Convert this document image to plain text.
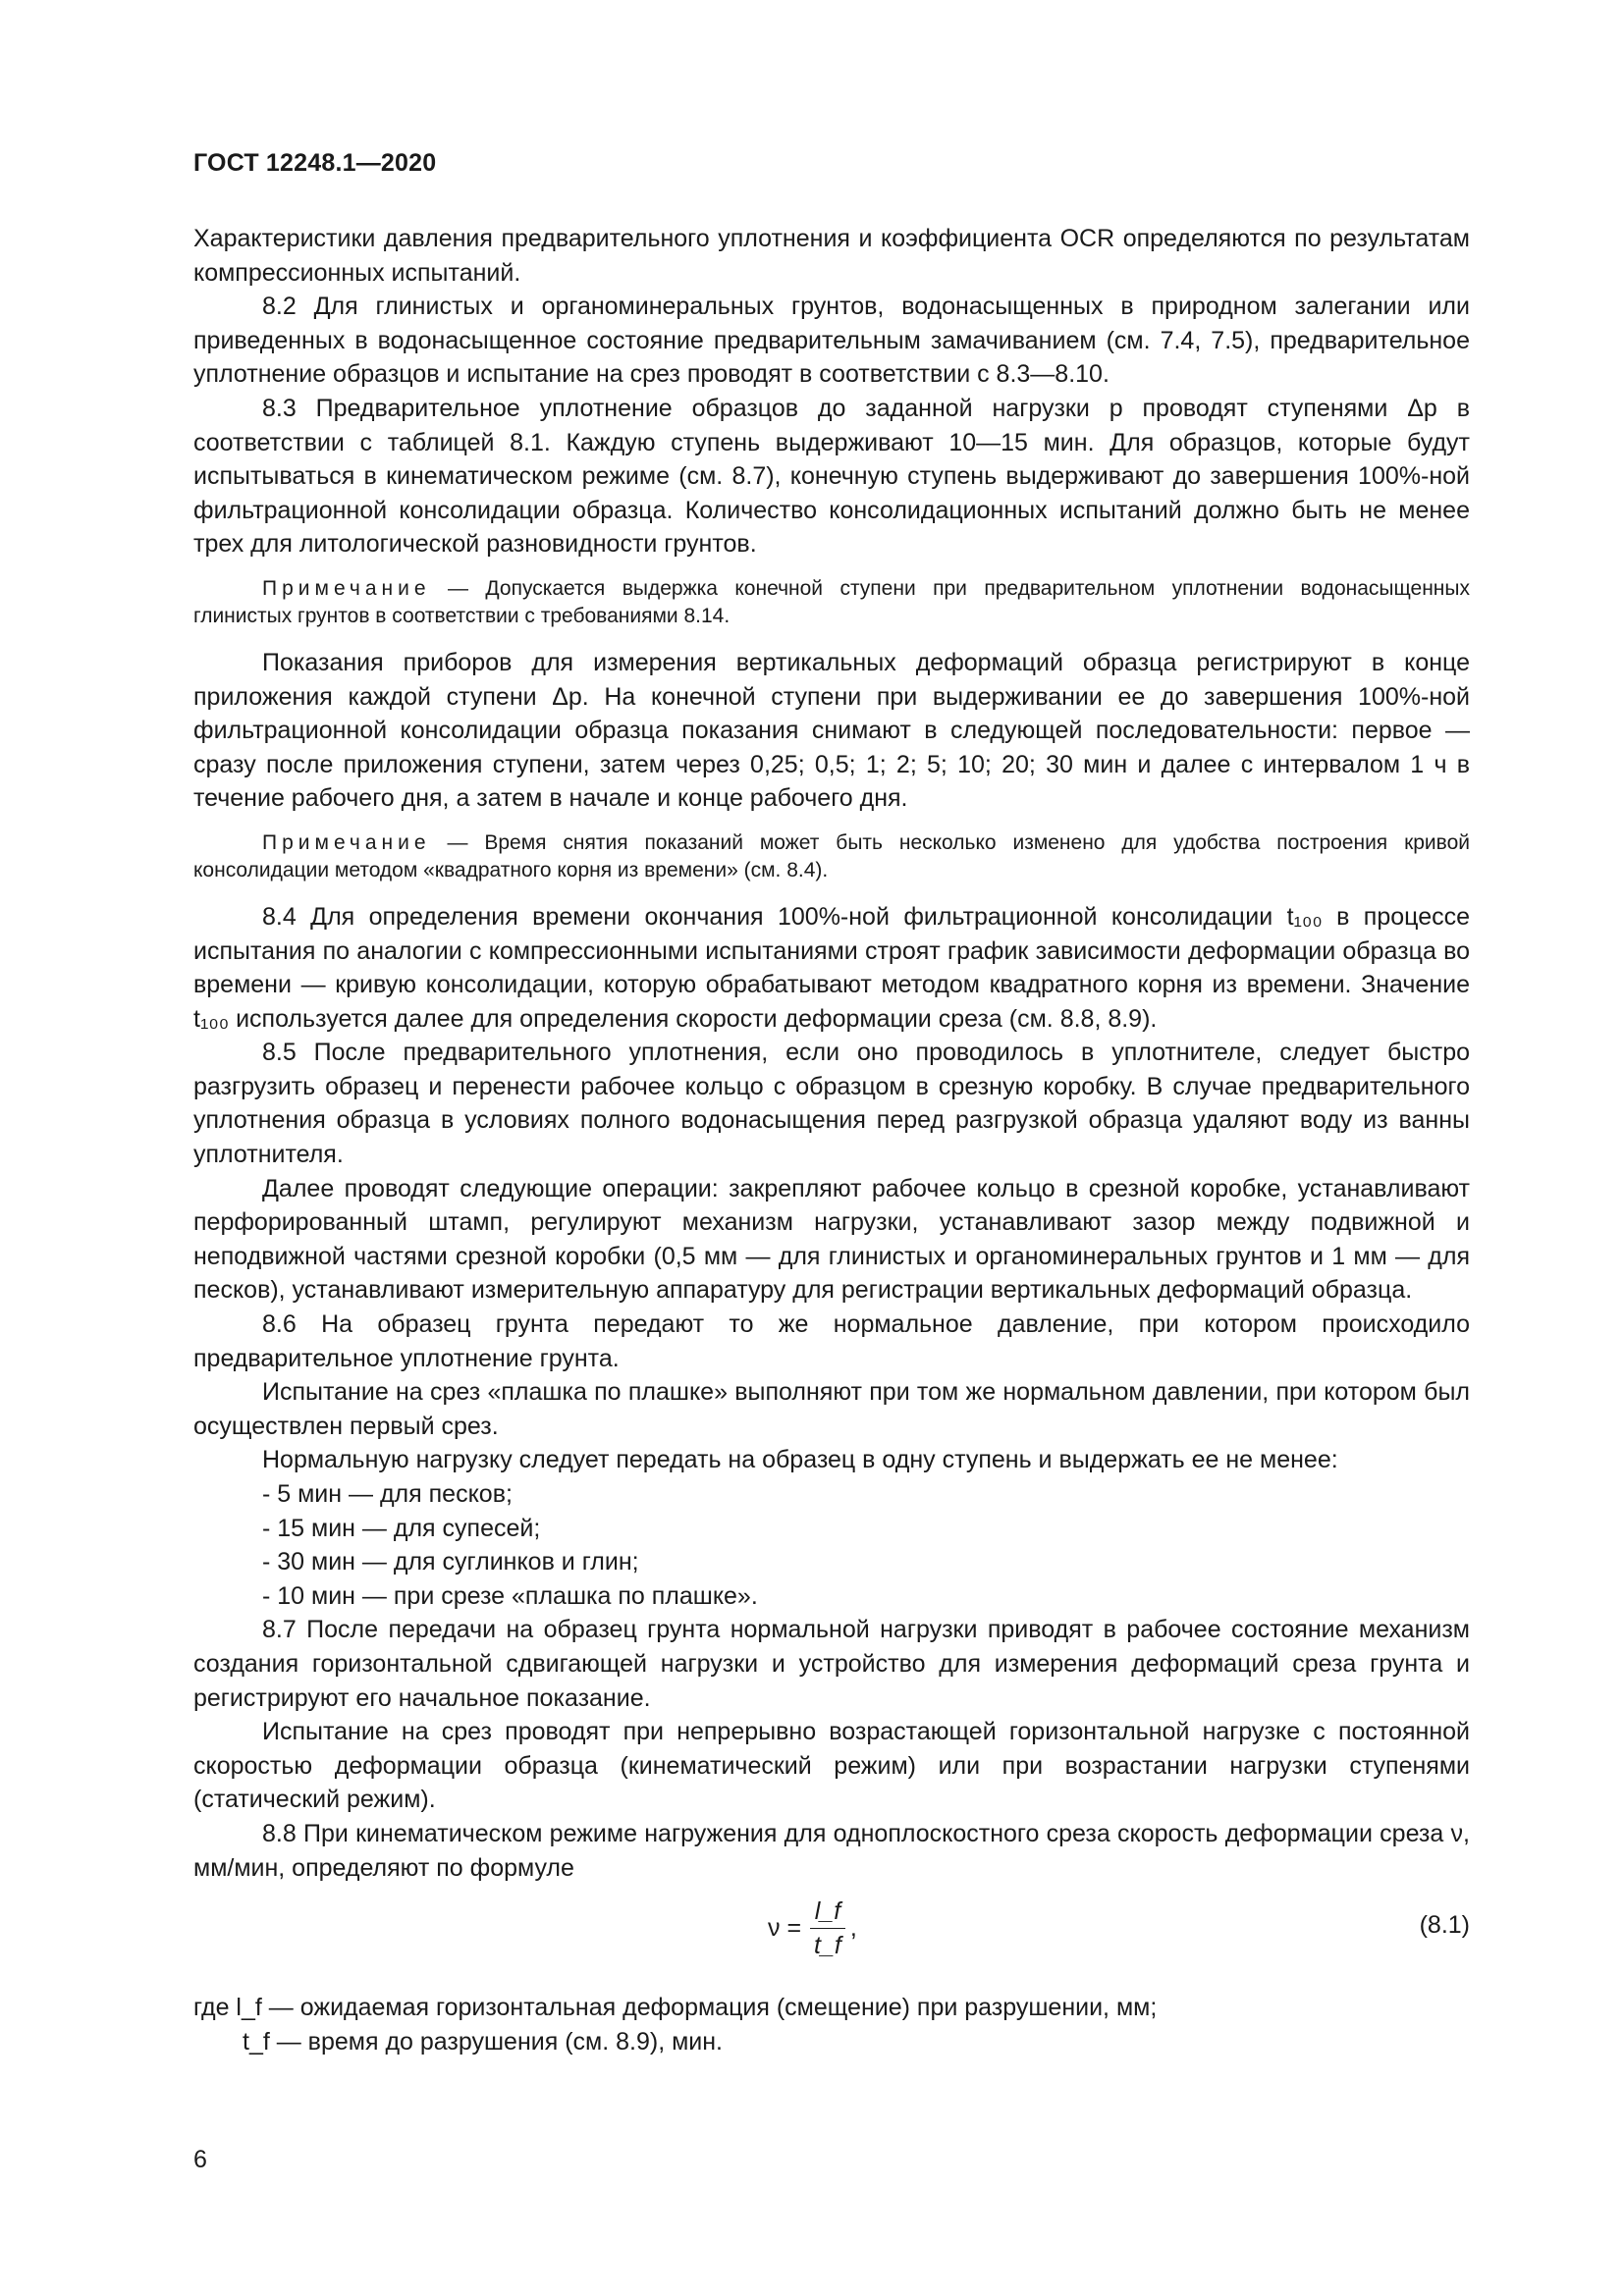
ГОСТ 12248.1—2020

Характеристики давления предварительного уплотнения и коэффициента OCR определяются по результатам компрессионных испытаний.

8.2 Для глинистых и органоминеральных грунтов, водонасыщенных в природном залегании или приведенных в водонасыщенное состояние предварительным замачиванием (см. 7.4, 7.5), предварительное уплотнение образцов и испытание на срез проводят в соответствии с 8.3—8.10.

8.3 Предварительное уплотнение образцов до заданной нагрузки p проводят ступенями Δp в соответствии с таблицей 8.1. Каждую ступень выдерживают 10—15 мин. Для образцов, которые будут испытываться в кинематическом режиме (см. 8.7), конечную ступень выдерживают до завершения 100%-ной фильтрационной консолидации образца. Количество консолидационных испытаний должно быть не менее трех для литологической разновидности грунтов.

Примечание — Допускается выдержка конечной ступени при предварительном уплотнении водонасыщенных глинистых грунтов в соответствии с требованиями 8.14.

Показания приборов для измерения вертикальных деформаций образца регистрируют в конце приложения каждой ступени Δp. На конечной ступени при выдерживании ее до завершения 100%-ной фильтрационной консолидации образца показания снимают в следующей последовательности: первое — сразу после приложения ступени, затем через 0,25; 0,5; 1; 2; 5; 10; 20; 30 мин и далее с интервалом 1 ч в течение рабочего дня, а затем в начале и конце рабочего дня.

Примечание — Время снятия показаний может быть несколько изменено для удобства построения кривой консолидации методом «квадратного корня из времени» (см. 8.4).

8.4 Для определения времени окончания 100%-ной фильтрационной консолидации t₁₀₀ в процессе испытания по аналогии с компрессионными испытаниями строят график зависимости деформации образца во времени — кривую консолидации, которую обрабатывают методом квадратного корня из времени. Значение t₁₀₀ используется далее для определения скорости деформации среза (см. 8.8, 8.9).

8.5 После предварительного уплотнения, если оно проводилось в уплотнителе, следует быстро разгрузить образец и перенести рабочее кольцо с образцом в срезную коробку. В случае предварительного уплотнения образца в условиях полного водонасыщения перед разгрузкой образца удаляют воду из ванны уплотнителя.

Далее проводят следующие операции: закрепляют рабочее кольцо в срезной коробке, устанавливают перфорированный штамп, регулируют механизм нагрузки, устанавливают зазор между подвижной и неподвижной частями срезной коробки (0,5 мм — для глинистых и органоминеральных грунтов и 1 мм — для песков), устанавливают измерительную аппаратуру для регистрации вертикальных деформаций образца.

8.6 На образец грунта передают то же нормальное давление, при котором происходило предварительное уплотнение грунта.

Испытание на срез «плашка по плашке» выполняют при том же нормальном давлении, при котором был осуществлен первый срез.

Нормальную нагрузку следует передать на образец в одну ступень и выдержать ее не менее:

- 5 мин — для песков;
- 15 мин — для супесей;
- 30 мин — для суглинков и глин;
- 10 мин — при срезе «плашка по плашке».

8.7 После передачи на образец грунта нормальной нагрузки приводят в рабочее состояние механизм создания горизонтальной сдвигающей нагрузки и устройство для измерения деформаций среза грунта и регистрируют его начальное показание.

Испытание на срез проводят при непрерывно возрастающей горизонтальной нагрузке с постоянной скоростью деформации образца (кинематический режим) или при возрастании нагрузки ступенями (статический режим).

8.8 При кинематическом режиме нагружения для одноплоскостного среза скорость деформации среза ν, мм/мин, определяют по формуле

$\nu = \frac{l\_f}{t\_f}$ ,	(8.1)

где l_f — ожидаемая горизонтальная деформация (смещение) при разрушении, мм;

t_f — время до разрушения (см. 8.9), мин.

6
